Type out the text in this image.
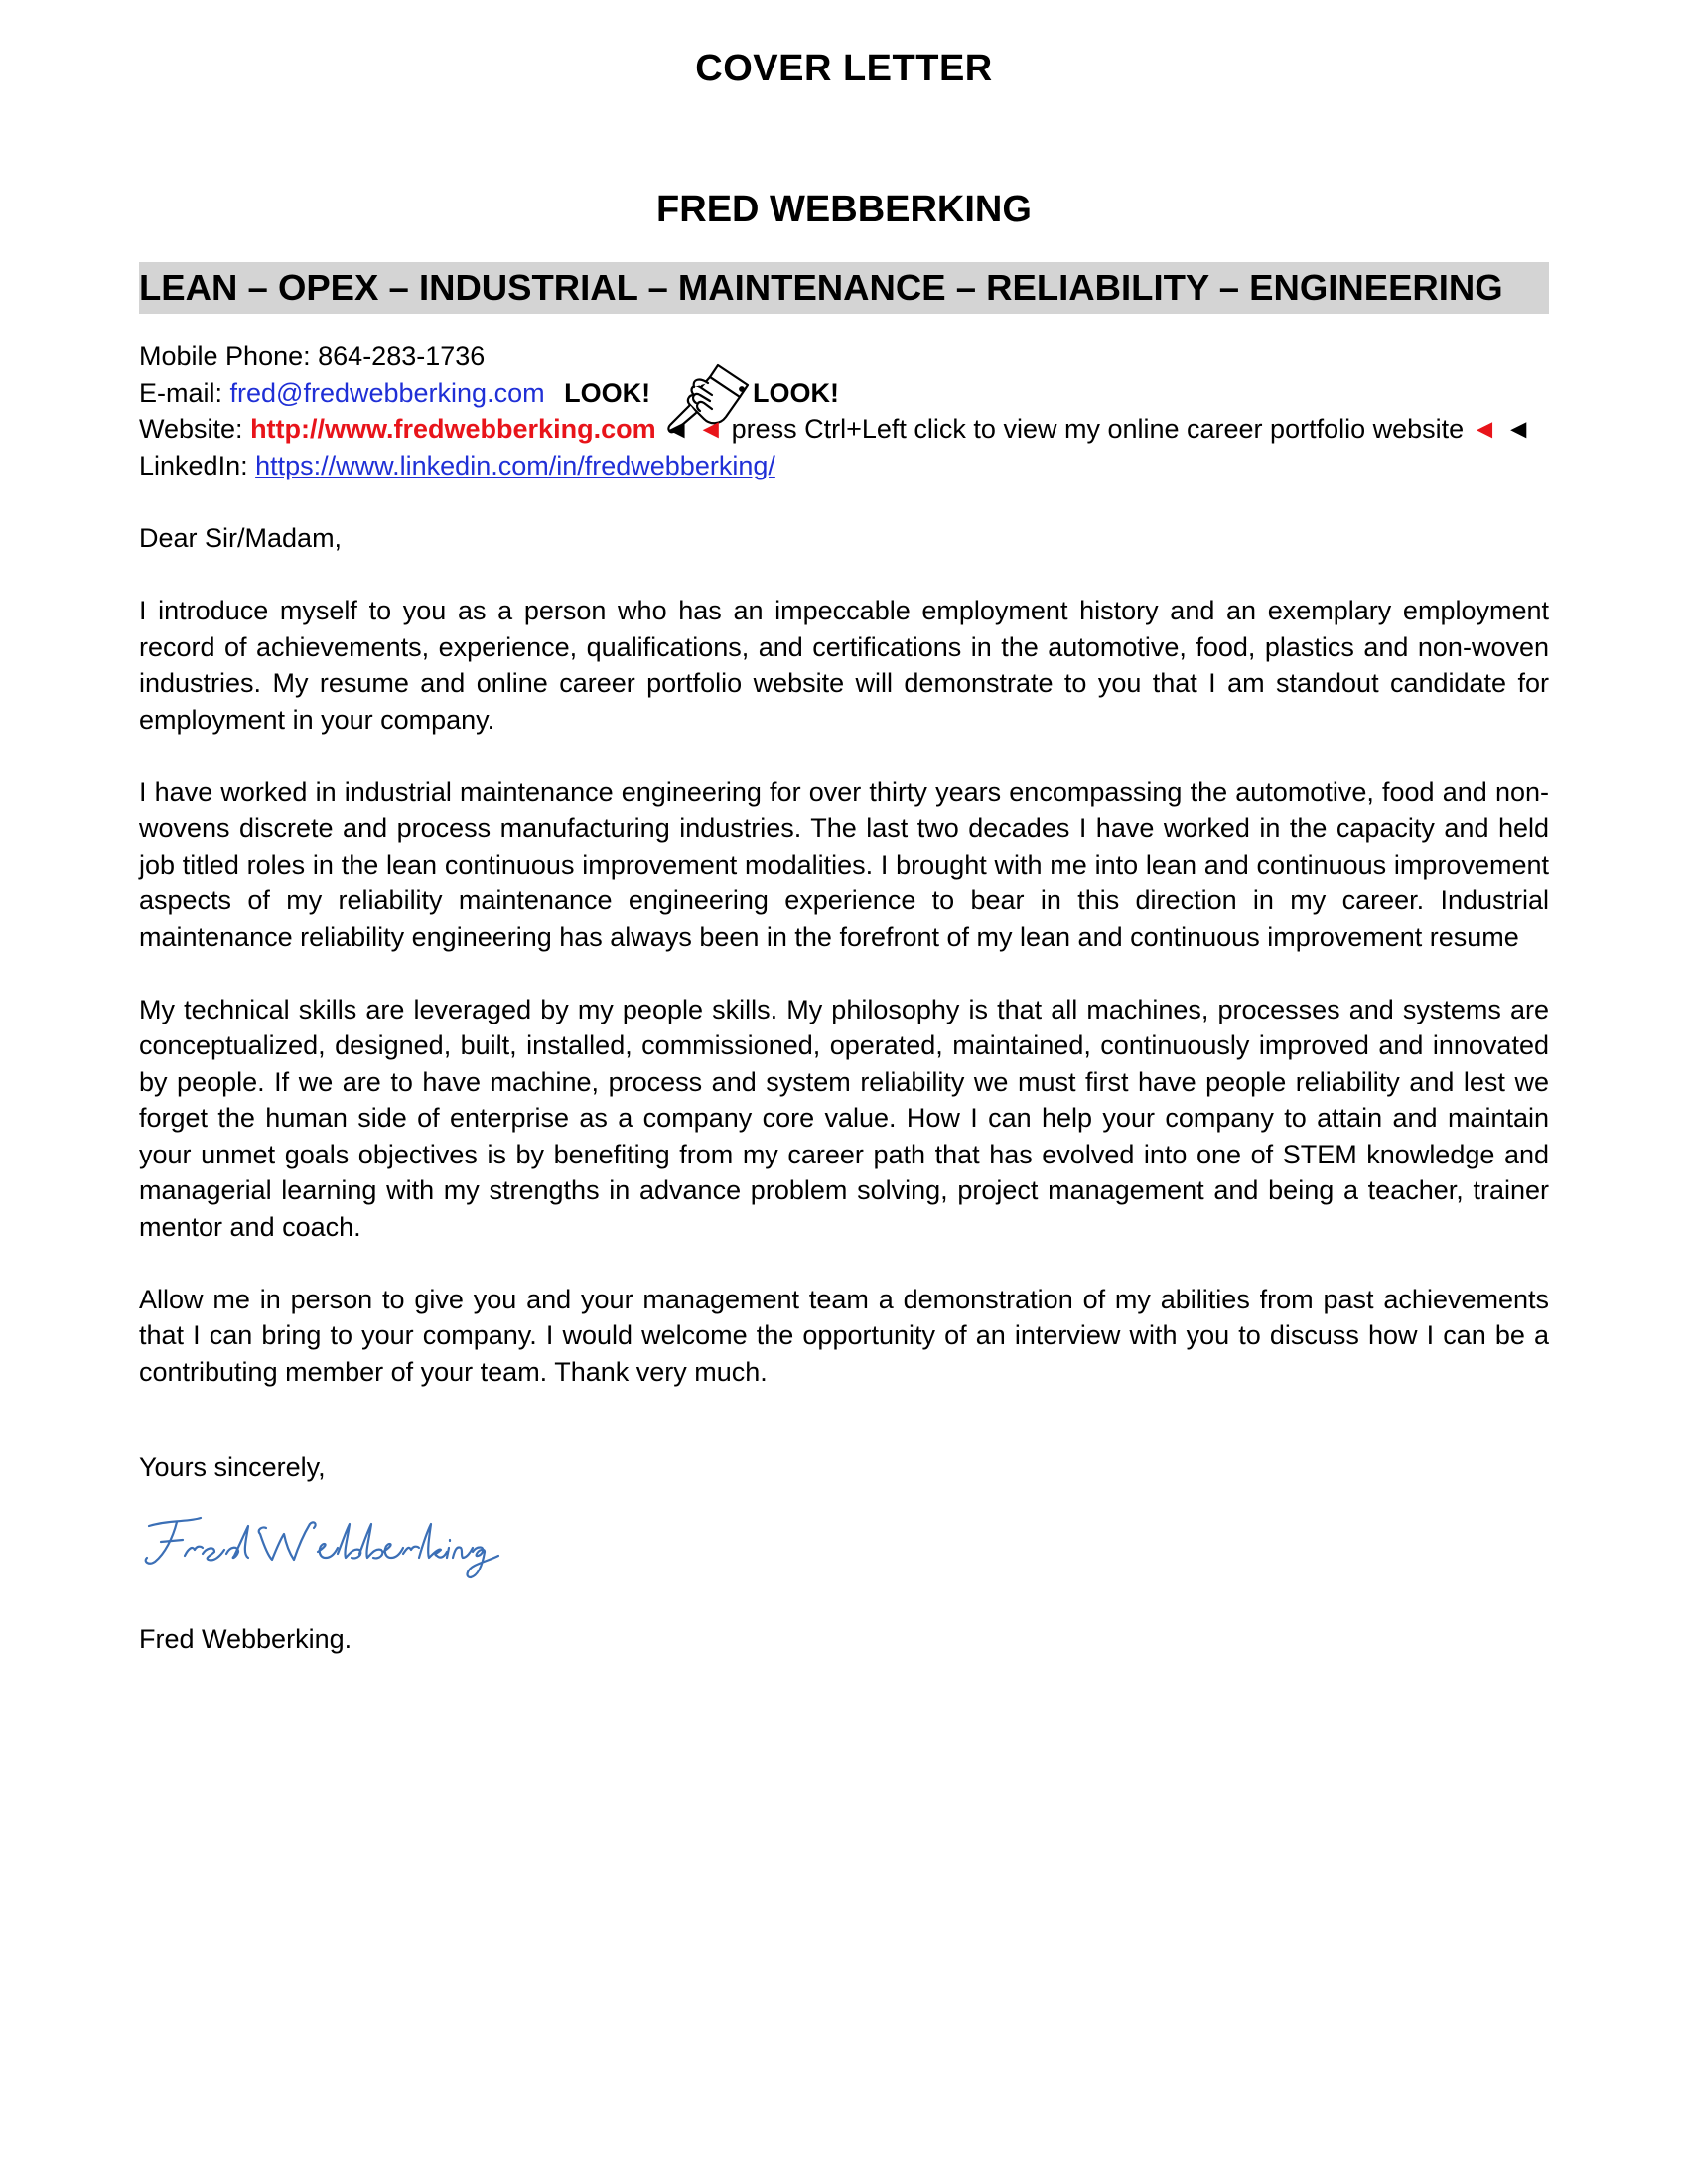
COVER LETTER
FRED WEBBERKING
LEAN – OPEX – INDUSTRIAL – MAINTENANCE – RELIABILITY – ENGINEERING
Mobile Phone: 864-283-1736
E-mail: fred@fredwebberking.com LOOK!	LOOK!
Website: http://www.fredwebberking.com ◄ ◄ press Ctrl+Left click to view my online career portfolio website ◄ ◄
LinkedIn: https://www.linkedin.com/in/fredwebberking/
Dear Sir/Madam,

I introduce myself to you as a person who has an impeccable employment history and an exemplary employment record of achievements, experience, qualifications, and certifications in the automotive, food, plastics and non-woven industries. My resume and online career portfolio website will demonstrate to you that I am standout candidate for employment in your company.

I have worked in industrial maintenance engineering for over thirty years encompassing the automotive, food and non-wovens discrete and process manufacturing industries. The last two decades I have worked in the capacity and held job titled roles in the lean continuous improvement modalities. I brought with me into lean and continuous improvement aspects of my reliability maintenance engineering experience to bear in this direction in my career. Industrial maintenance reliability engineering has always been in the forefront of my lean and continuous improvement resume

My technical skills are leveraged by my people skills. My philosophy is that all machines, processes and systems are conceptualized, designed, built, installed, commissioned, operated, maintained, continuously improved and innovated by people. If we are to have machine, process and system reliability we must first have people reliability and lest we forget the human side of enterprise as a company core value. How I can help your company to attain and maintain your unmet goals objectives is by benefiting from my career path that has evolved into one of STEM knowledge and managerial learning with my strengths in advance problem solving, project management and being a teacher, trainer mentor and coach.

Allow me in person to give you and your management team a demonstration of my abilities from past achievements that I can bring to your company. I would welcome the opportunity of an interview with you to discuss how I can be a contributing member of your team. Thank very much.

Yours sincerely,
Fred Webberking.
